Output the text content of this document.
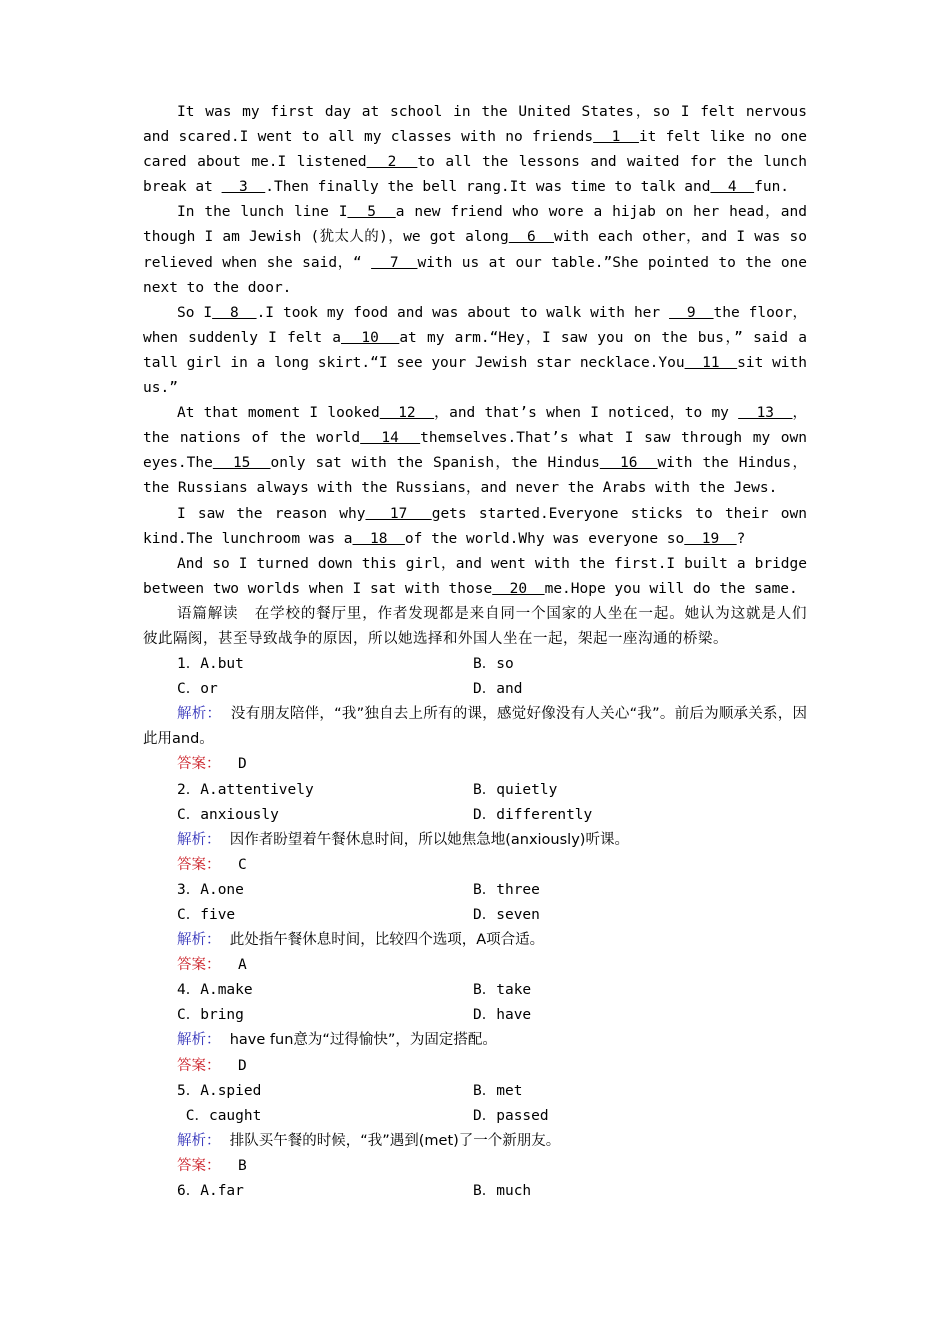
It was my first day at school in the United States，so I felt nervous and scared.I went to all my classes with no friends  1  it felt like no one cared about me.I listened  2  to all the lessons and waited for the lunch break at   3  .Then finally the bell rang.It was time to talk and  4  fun.

In the lunch line I  5  a new friend who wore a hijab on her head，and though I am Jewish (犹太人的)，we got along  6  with each other，and I was so relieved when she said，“   7  with us at our table.”She pointed to the one next to the door.

So I  8  .I took my food and was about to walk with her   9  the floor，when suddenly I felt a  10  at my arm.“Hey，I saw you on the bus，” said a tall girl in a long skirt.“I see your Jewish star necklace.You  11  sit with us.”

At that moment I looked  12  ，and that’s when I noticed，to my   13  ，the nations of the world  14  themselves.That’s what I saw through my own eyes.The  15  only sat with the Spanish，the Hindus  16  with the Hindus，the Russians always with the Russians，and never the Arabs with the Jews.

I saw the reason why  17  gets started.Everyone sticks to their own kind.The lunchroom was a  18  of the world.Why was everyone so  19  ?

And so I turned down this girl，and went with the first.I built a bridge between two worlds when I sat with those  20  me.Hope you will do the same.

语篇解读 在学校的餐厅里，作者发现都是来自同一个国家的人坐在一起。她认为这就是人们彼此隔阂，甚至导致战争的原因，所以她选择和外国人坐在一起，架起一座沟通的桥梁。

1．A.but	B．so
C．or	D．and

解析： 没有朋友陪伴，“我”独自去上所有的课，感觉好像没有人关心“我”。前后为顺承关系，因此用and。

答案： D
2．A.attentively	B．quietly
C．anxiously	D．differently

解析： 因作者盼望着午餐休息时间，所以她焦急地(anxiously)听课。

答案： C
3．A.one	B．three
C．five	D．seven

解析： 此处指午餐休息时间，比较四个选项，A项合适。

答案： A
4．A.make	B．take
C．bring	D．have

解析： have fun意为“过得愉快”，为固定搭配。

答案： D
5．A.spied	B．met
C．caught	D．passed

解析： 排队买午餐的时候，“我”遇到(met)了一个新朋友。

答案： B
6．A.far	B．much
